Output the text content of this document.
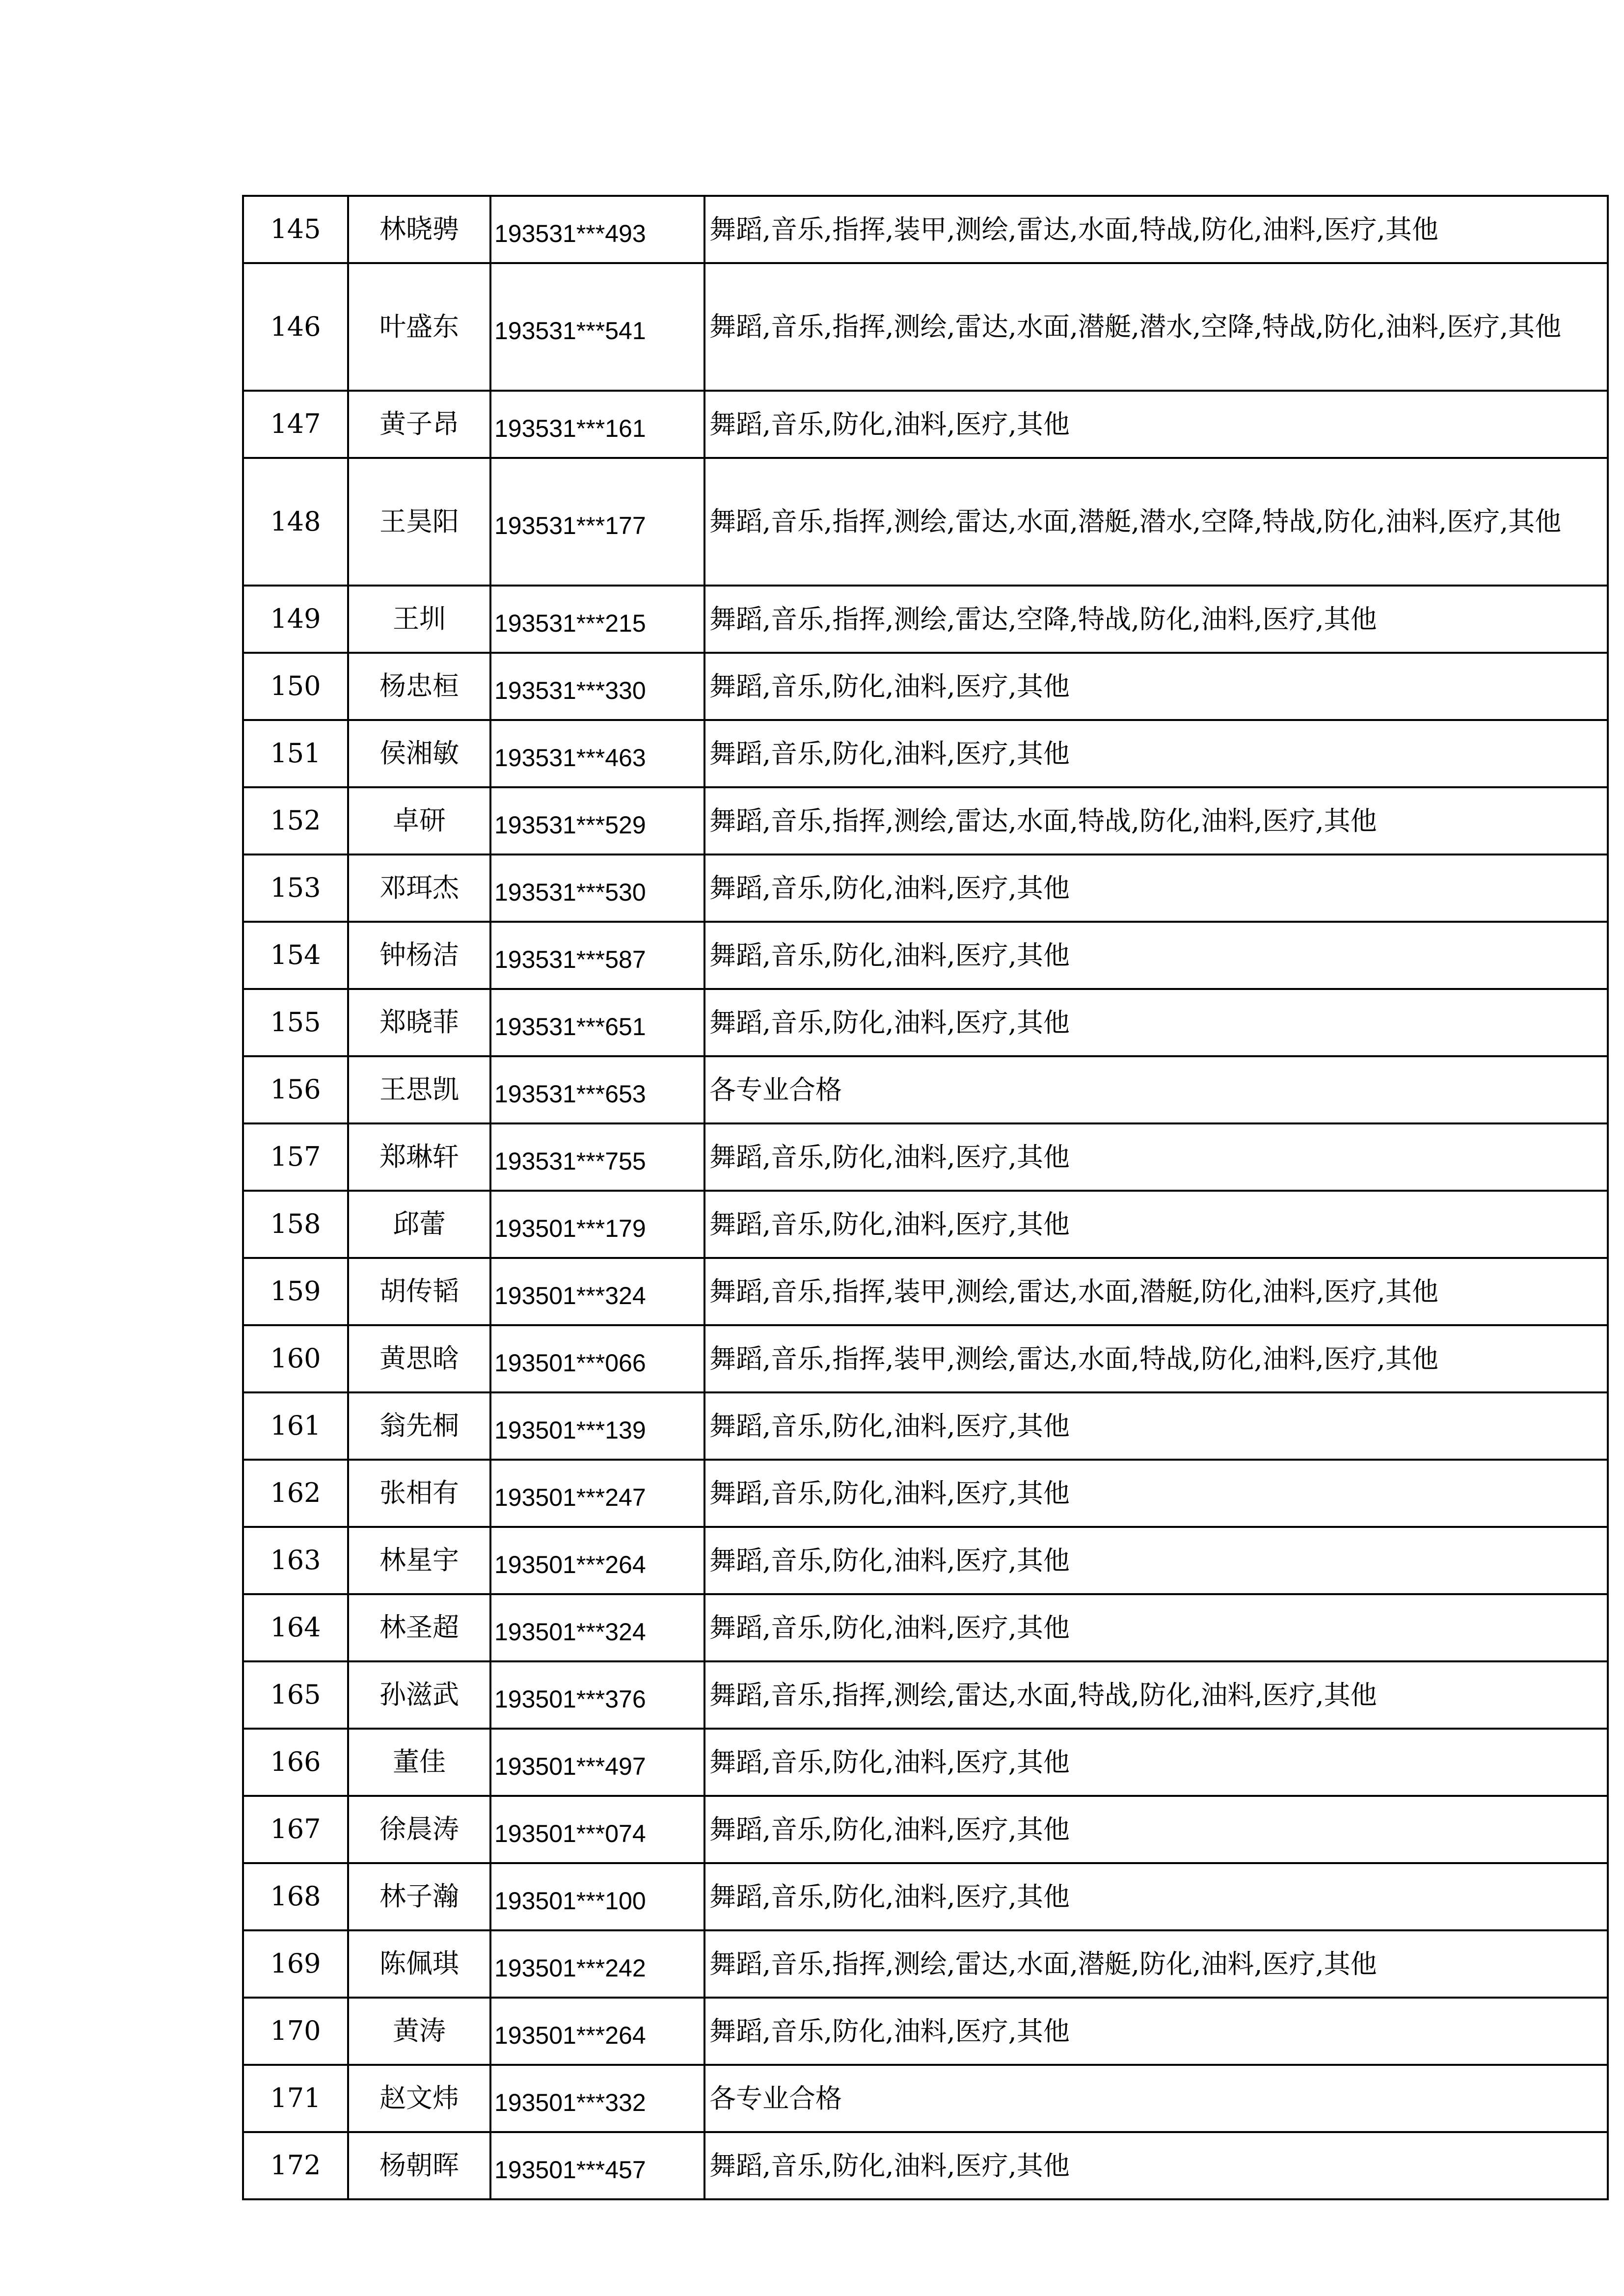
145	林晓骋	193531***493	舞蹈,音乐,指挥,装甲,测绘,雷达,水面,特战,防化,油料,医疗,其他
146	叶盛东	193531***541	舞蹈,音乐,指挥,测绘,雷达,水面,潜艇,潜水,空降,特战,防化,油料,医疗,其他
147	黄子昂	193531***161	舞蹈,音乐,防化,油料,医疗,其他
148	王昊阳	193531***177	舞蹈,音乐,指挥,测绘,雷达,水面,潜艇,潜水,空降,特战,防化,油料,医疗,其他
149	王圳	193531***215	舞蹈,音乐,指挥,测绘,雷达,空降,特战,防化,油料,医疗,其他
150	杨忠桓	193531***330	舞蹈,音乐,防化,油料,医疗,其他
151	侯湘敏	193531***463	舞蹈,音乐,防化,油料,医疗,其他
152	卓研	193531***529	舞蹈,音乐,指挥,测绘,雷达,水面,特战,防化,油料,医疗,其他
153	邓珥杰	193531***530	舞蹈,音乐,防化,油料,医疗,其他
154	钟杨洁	193531***587	舞蹈,音乐,防化,油料,医疗,其他
155	郑晓菲	193531***651	舞蹈,音乐,防化,油料,医疗,其他
156	王思凯	193531***653	各专业合格
157	郑琳轩	193531***755	舞蹈,音乐,防化,油料,医疗,其他
158	邱蕾	193501***179	舞蹈,音乐,防化,油料,医疗,其他
159	胡传韬	193501***324	舞蹈,音乐,指挥,装甲,测绘,雷达,水面,潜艇,防化,油料,医疗,其他
160	黄思晗	193501***066	舞蹈,音乐,指挥,装甲,测绘,雷达,水面,特战,防化,油料,医疗,其他
161	翁先桐	193501***139	舞蹈,音乐,防化,油料,医疗,其他
162	张相有	193501***247	舞蹈,音乐,防化,油料,医疗,其他
163	林星宇	193501***264	舞蹈,音乐,防化,油料,医疗,其他
164	林圣超	193501***324	舞蹈,音乐,防化,油料,医疗,其他
165	孙滋武	193501***376	舞蹈,音乐,指挥,测绘,雷达,水面,特战,防化,油料,医疗,其他
166	董佳	193501***497	舞蹈,音乐,防化,油料,医疗,其他
167	徐晨涛	193501***074	舞蹈,音乐,防化,油料,医疗,其他
168	林子瀚	193501***100	舞蹈,音乐,防化,油料,医疗,其他
169	陈佩琪	193501***242	舞蹈,音乐,指挥,测绘,雷达,水面,潜艇,防化,油料,医疗,其他
170	黄涛	193501***264	舞蹈,音乐,防化,油料,医疗,其他
171	赵文炜	193501***332	各专业合格
172	杨朝晖	193501***457	舞蹈,音乐,防化,油料,医疗,其他
